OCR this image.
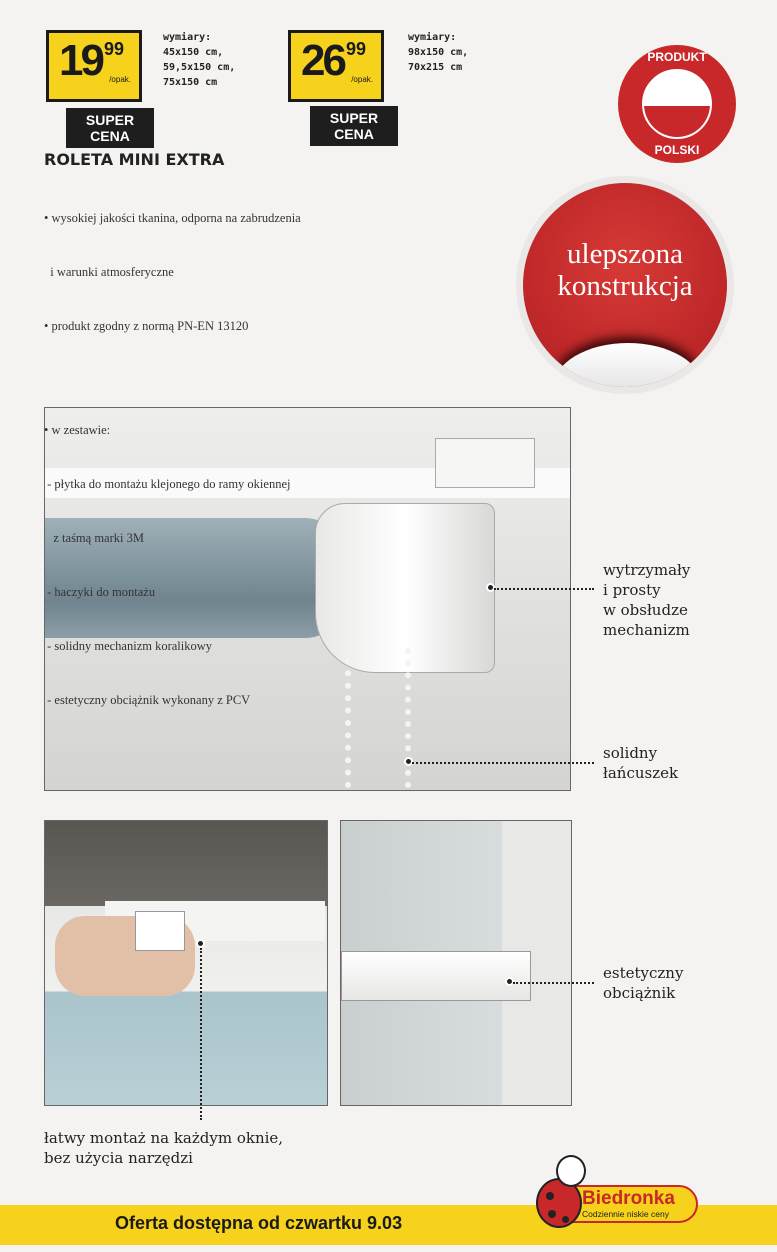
19 99
/opak.
SUPER CENA
wymiary:
45x150 cm,
59,5x150 cm,
75x150 cm	26 99
/opak.
SUPER CENA
wymiary:
98x150 cm,
70x215 cm
PRODUKT
POLSKI
ulepszona
konstrukcja
ROLETA MINI EXTRA

• wysokiej jakości tkanina, odporna na zabrudzenia

i warunki atmosferyczne

• produkt zgodny z normą PN-EN 13120

• w zestawie:

- płytka do montażu klejonego do ramy okiennej

z taśmą marki 3M

- haczyki do montażu

- solidny mechanizm koralikowy

- estetyczny obciążnik wykonany z PCV

wytrzymały
i prosty
w obsłudze
mechanizm
solidny
łańcuszek
łatwy montaż na każdym oknie,
bez użycia narzędzi
estetyczny
obciążnik
Oferta dostępna od czwartku 9.03
Biedronka
Codziennie niskie ceny
